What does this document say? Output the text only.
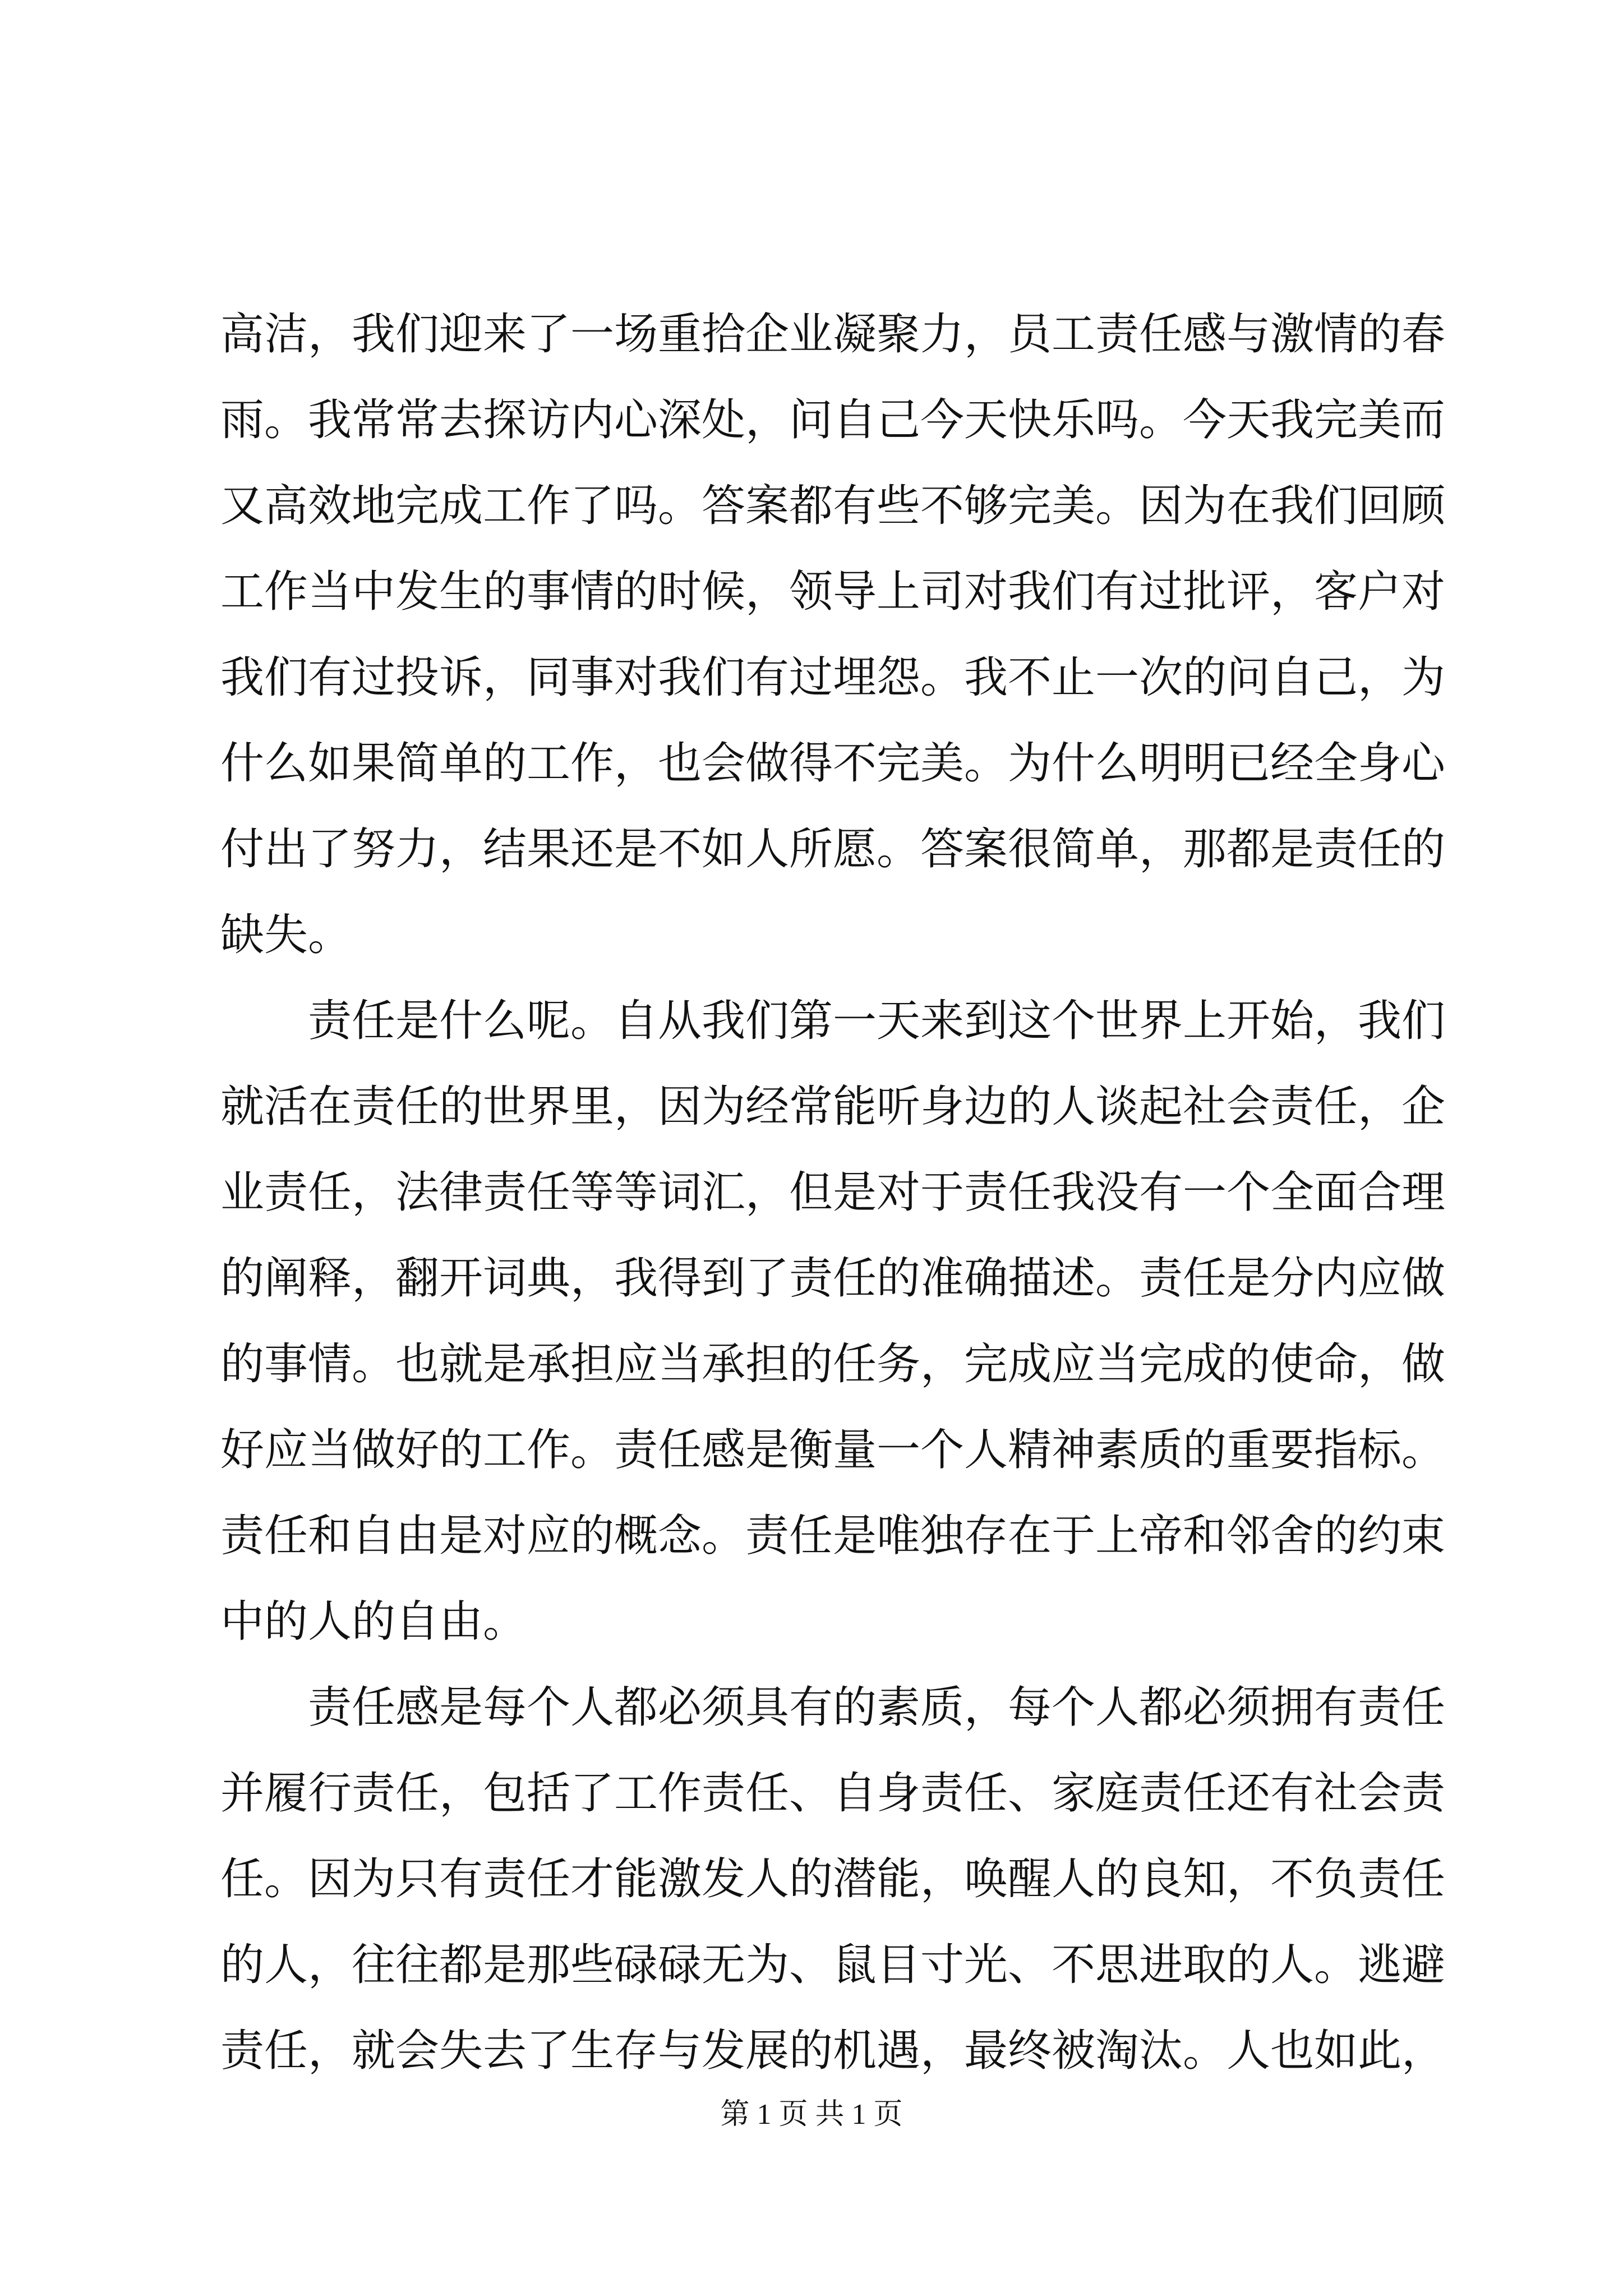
高洁，我们迎来了一场重拾企业凝聚力，员工责任感与激情的春
雨。我常常去探访内心深处，问自己今天快乐吗。今天我完美而
又高效地完成工作了吗。答案都有些不够完美。因为在我们回顾
工作当中发生的事情的时候，领导上司对我们有过批评，客户对
我们有过投诉，同事对我们有过埋怨。我不止一次的问自己，为
什么如果简单的工作，也会做得不完美。为什么明明已经全身心
付出了努力，结果还是不如人所愿。答案很简单，那都是责任的
缺失。
　　责任是什么呢。自从我们第一天来到这个世界上开始，我们
就活在责任的世界里，因为经常能听身边的人谈起社会责任，企
业责任，法律责任等等词汇，但是对于责任我没有一个全面合理
的阐释，翻开词典，我得到了责任的准确描述。责任是分内应做
的事情。也就是承担应当承担的任务，完成应当完成的使命，做
好应当做好的工作。责任感是衡量一个人精神素质的重要指标。
责任和自由是对应的概念。责任是唯独存在于上帝和邻舍的约束
中的人的自由。
　　责任感是每个人都必须具有的素质，每个人都必须拥有责任
并履行责任，包括了工作责任、自身责任、家庭责任还有社会责
任。因为只有责任才能激发人的潜能，唤醒人的良知，不负责任
的人，往往都是那些碌碌无为、鼠目寸光、不思进取的人。逃避
责任，就会失去了生存与发展的机遇，最终被淘汰。人也如此，
第 1 页 共 1 页
